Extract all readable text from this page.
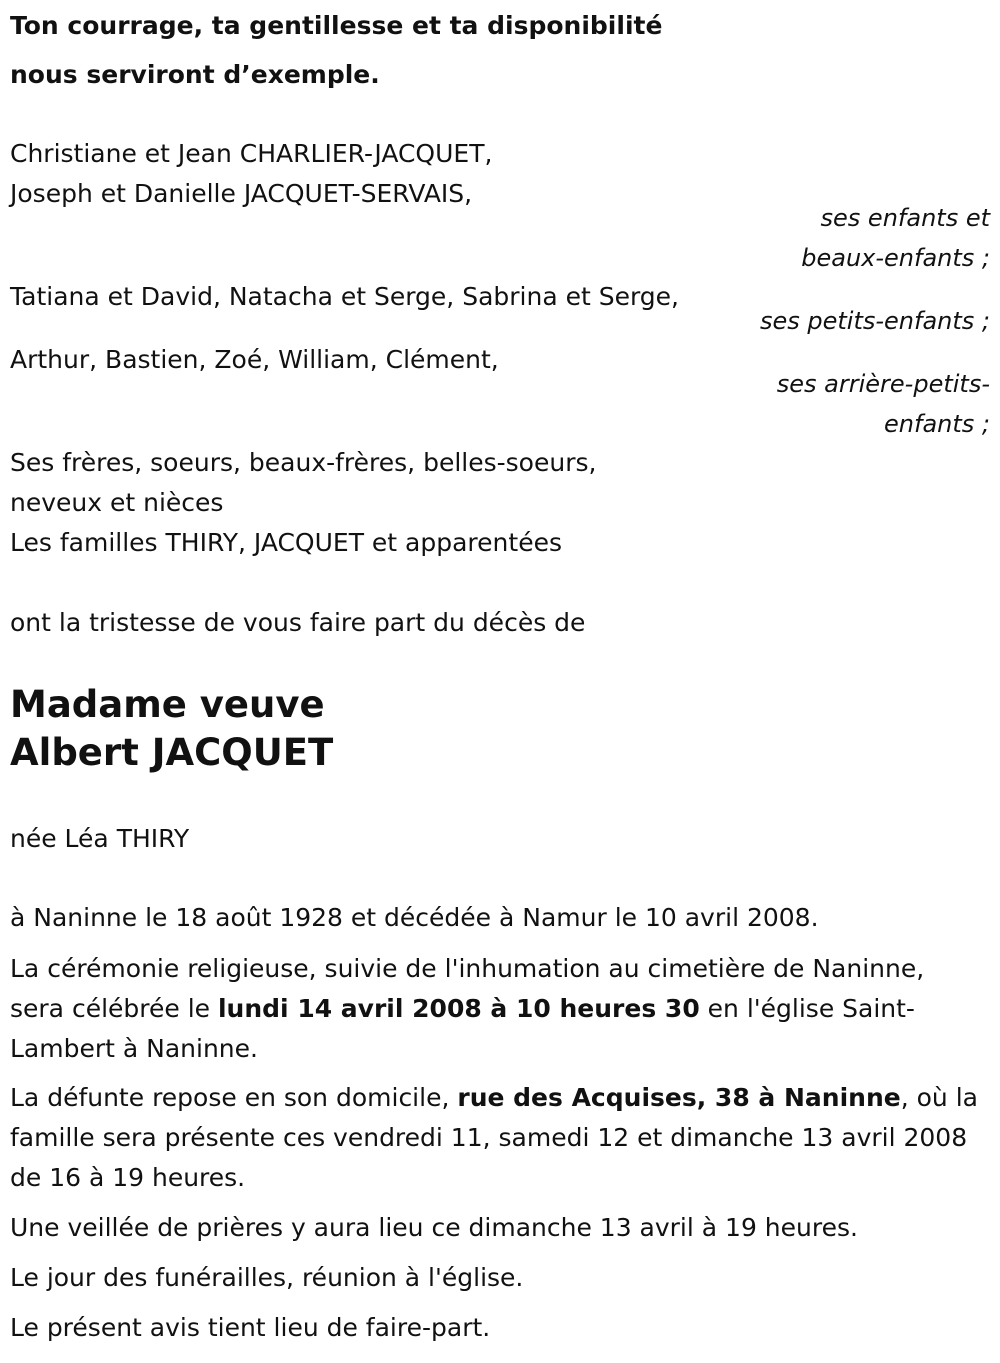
Ton courrage, ta gentillesse et ta disponibilité
nous serviront d’exemple.
Christiane et Jean CHARLIER-JACQUET,
Joseph et Danielle JACQUET-SERVAIS,
ses enfants et
beaux-enfants ;
Tatiana et David, Natacha et Serge, Sabrina et Serge,
ses petits-enfants ;
Arthur, Bastien, Zoé, William, Clément,
ses arrière-petits-
enfants ;
Ses frères, soeurs, beaux-frères, belles-soeurs,
neveux et nièces
Les familles THIRY, JACQUET et apparentées
ont la tristesse de vous faire part du décès de
Madame veuve
Albert JACQUET
née Léa THIRY
à Naninne le 18 août 1928 et décédée à Namur le 10 avril 2008.
La cérémonie religieuse, suivie de l'inhumation au cimetière de Naninne, sera célébrée le lundi 14 avril 2008 à 10 heures 30 en l'église Saint-Lambert à Naninne.
La défunte repose en son domicile, rue des Acquises, 38 à Naninne, où la famille sera présente ces vendredi 11, samedi 12 et dimanche 13 avril 2008 de 16 à 19 heures.
Une veillée de prières y aura lieu ce dimanche 13 avril à 19 heures.
Le jour des funérailles, réunion à l'église.
Le présent avis tient lieu de faire-part.
